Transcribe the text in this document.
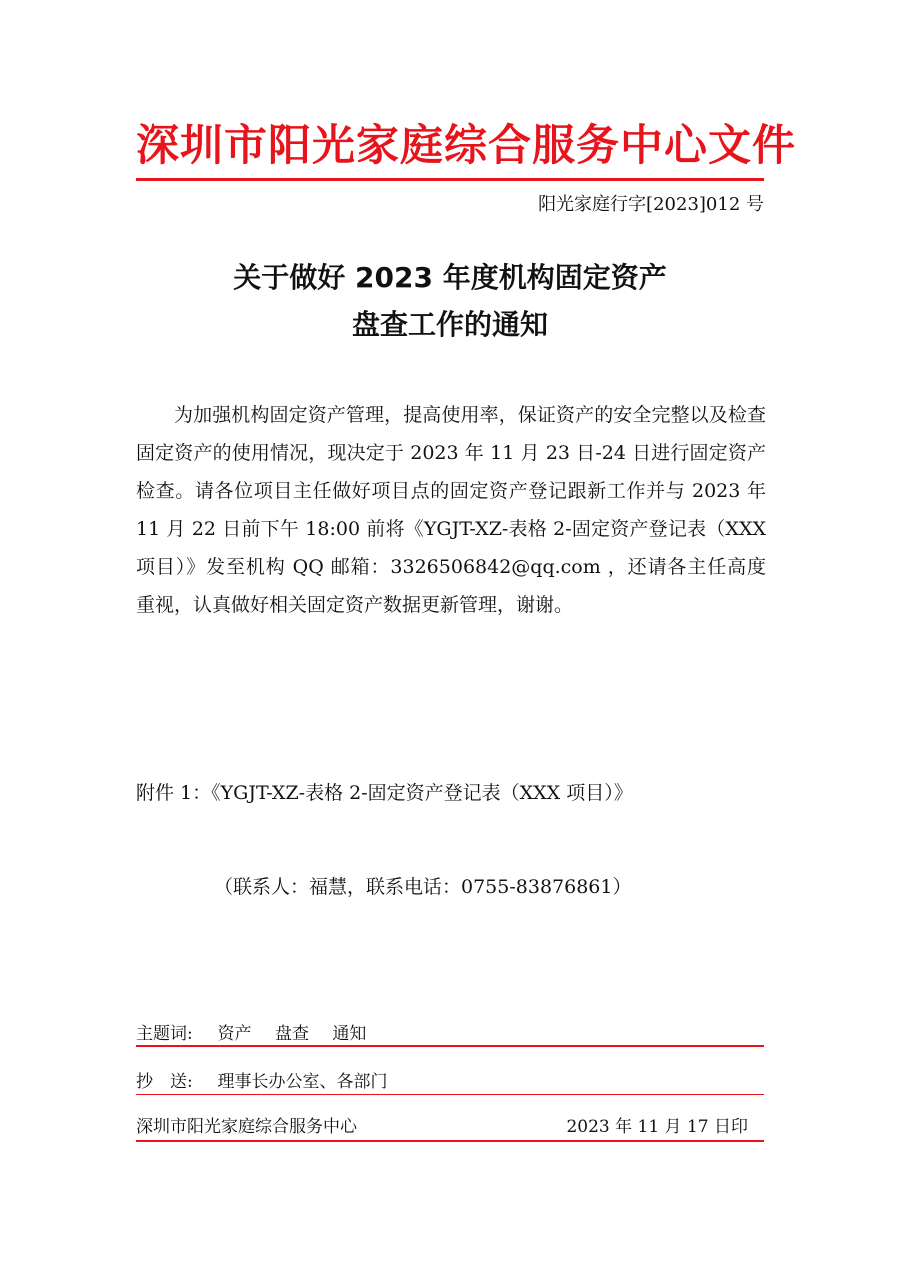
深圳市阳光家庭综合服务中心文件
阳光家庭行字[2023]012 号
关于做好 2023 年度机构固定资产
盘查工作的通知
为加强机构固定资产管理，提高使用率，保证资产的安全完整以及检查固定资产的使用情况，现决定于 2023 年 11 月 23 日-24 日进行固定资产检查。请各位项目主任做好项目点的固定资产登记跟新工作并与 2023 年 11 月 22 日前下午 18:00 前将《YGJT-XZ-表格 2-固定资产登记表（XXX 项目）》发至机构 QQ 邮箱：3326506842@qq.com ，还请各主任高度重视，认真做好相关固定资产数据更新管理，谢谢。
附件 1：《YGJT-XZ-表格 2-固定资产登记表（XXX 项目）》
（联系人：福慧，联系电话：0755-83876861）
主题词: 资产 盘查 通知
抄　送: 理事长办公室、各部门
深圳市阳光家庭综合服务中心	2023 年 11 月 17 日印
